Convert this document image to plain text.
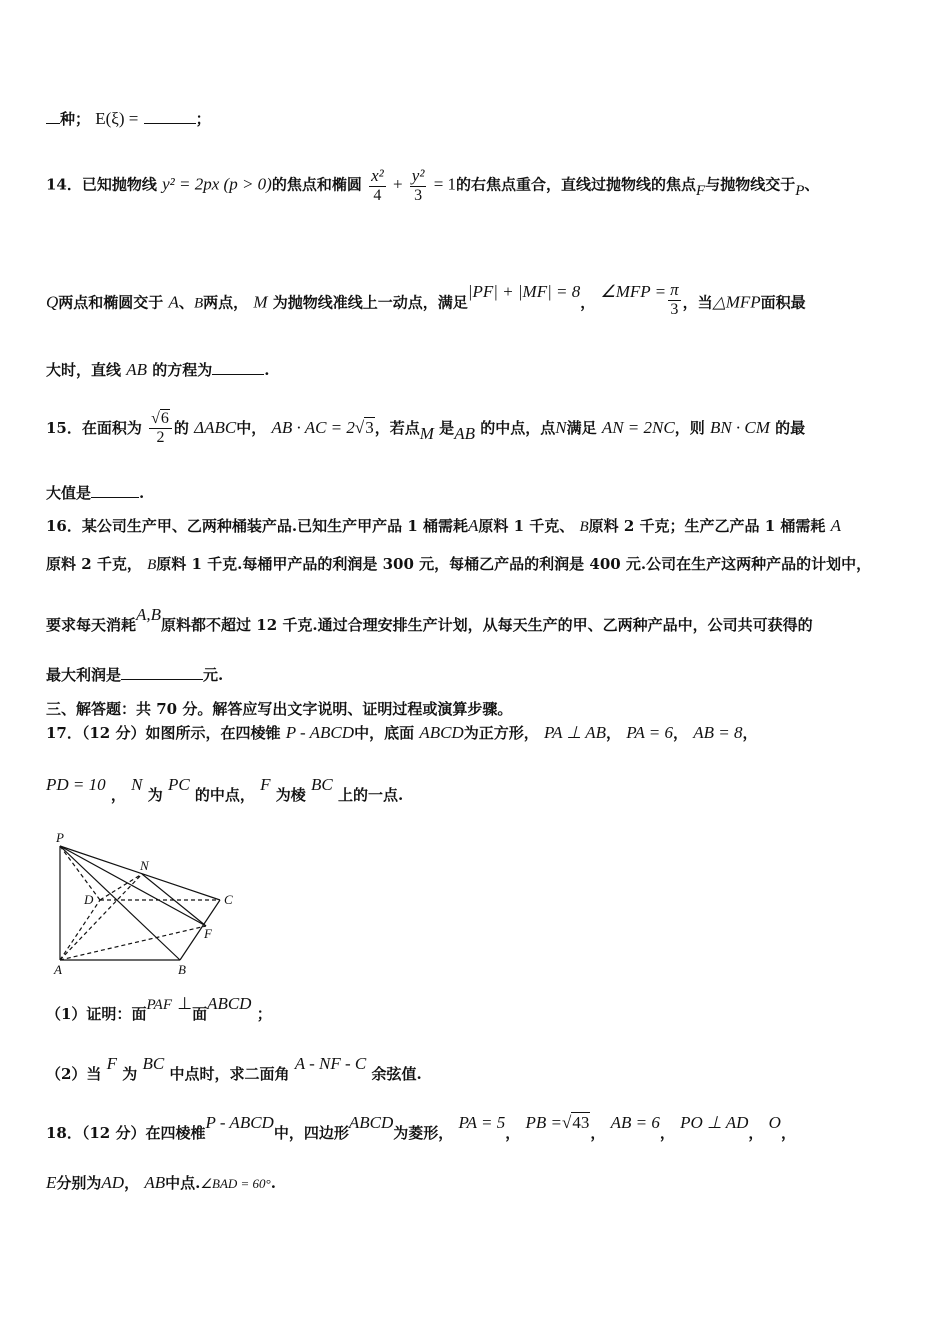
种； E(ξ) =	；
14．已知抛物线 y² = 2px (p > 0)的焦点和椭圆 $\frac{\text{x²}}{4} + \frac{\text{y²}}{3} = 1$的右焦点重合，直线过抛物线的焦点F与抛物线交于P、
Q两点和椭圆交于 A、B两点， M 为抛物线准线上一动点，满足|PF| + |MF| = 8， ∠MFP = $\frac{\pi}{3}$ ，当△MFP面积最
大时，直线 AB 的方程为	.
15．在面积为 $\frac{√6}{2}$ 的 ΔABC中， AB · AC = 2√3，若点M 是AB 的中点，点N满足 AN = 2NC，则 BN · CM 的最
大值是	.
16．某公司生产甲、乙两种桶装产品.已知生产甲产品 1 桶需耗A原料 1 千克、 B原料 2 千克；生产乙产品 1 桶需耗 A
原料 2 千克， B原料 1 千克.每桶甲产品的利润是 300 元，每桶乙产品的利润是 400 元.公司在生产这两种产品的计划中，
要求每天消耗A,B原料都不超过 12 千克.通过合理安排生产计划，从每天生产的甲、乙两种产品中，公司共可获得的
最大利润是	元.
三、解答题：共 70 分。解答应写出文字说明、证明过程或演算步骤。
17．（12 分）如图所示，在四棱锥 P - ABCD中，底面 ABCD为正方形， PA ⊥ AB， PA = 6， AB = 8，
PD = 10 ， N 为 PC 的中点， F 为棱 BC 上的一点.
P
N
D	C
F
A	B
（1）证明：面PAF ⊥面ABCD ；
（2）当 F 为 BC 中点时，求二面角 A - NF - C 余弦值.
18．（12 分）在四棱椎P - ABCD中，四边形ABCD为菱形， PA = 5， PB =√43， AB = 6， PO ⊥ AD， O，
E分别为AD， AB中点.∠BAD = 60°.
